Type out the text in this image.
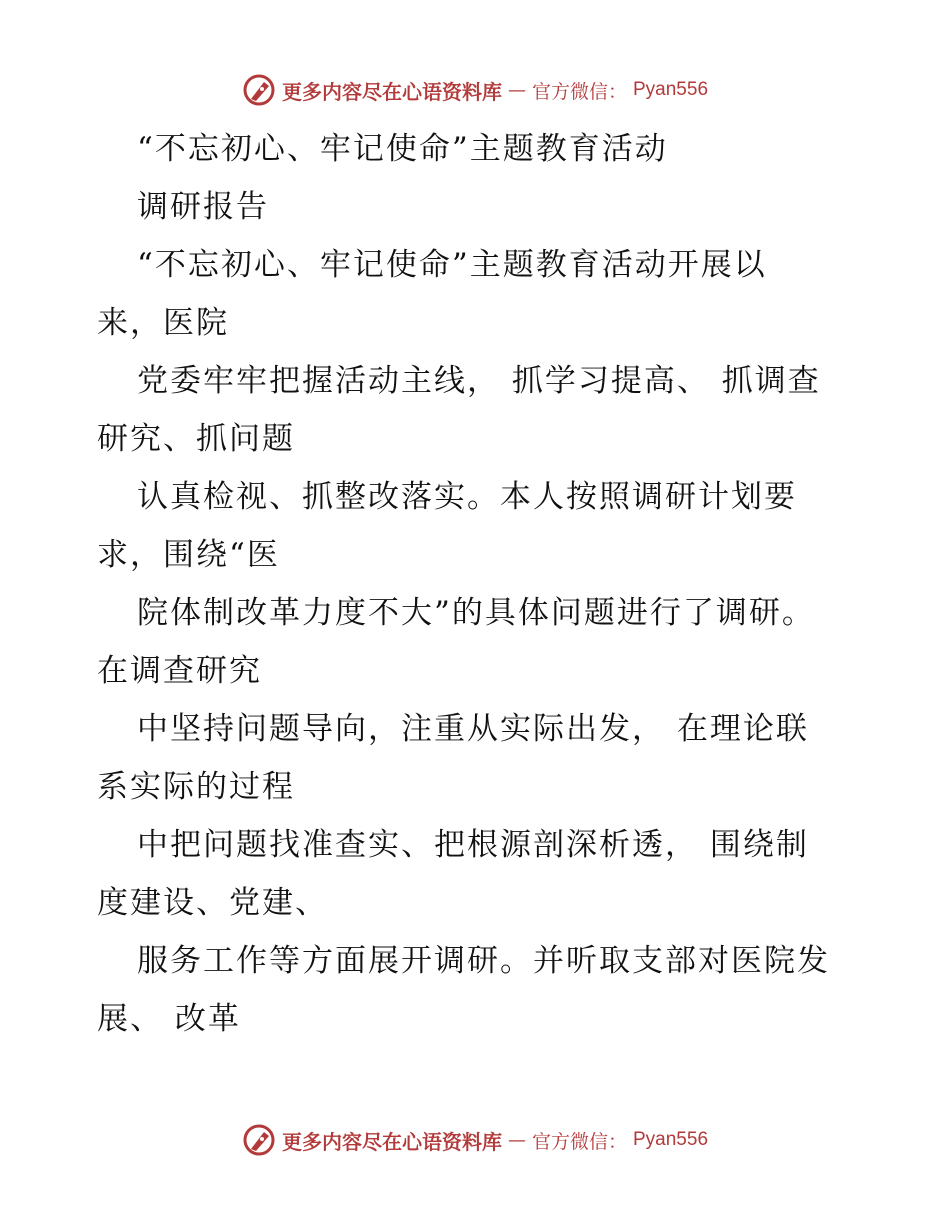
更多内容尽在心语资料库 — 官方微信： Pyan556
“不忘初心、牢记使命”主题教育活动
调研报告
“不忘初心、牢记使命”主题教育活动开展以
来，医院
党委牢牢把握活动主线， 抓学习提高、 抓调查
研究、抓问题
认真检视、抓整改落实。本人按照调研计划要
求，围绕“医
院体制改革力度不大”的具体问题进行了调研。
在调查研究
中坚持问题导向，注重从实际出发， 在理论联
系实际的过程
中把问题找准查实、把根源剖深析透， 围绕制
度建设、党建、
服务工作等方面展开调研。并听取支部对医院发
展、 改革
更多内容尽在心语资料库 — 官方微信： Pyan556
